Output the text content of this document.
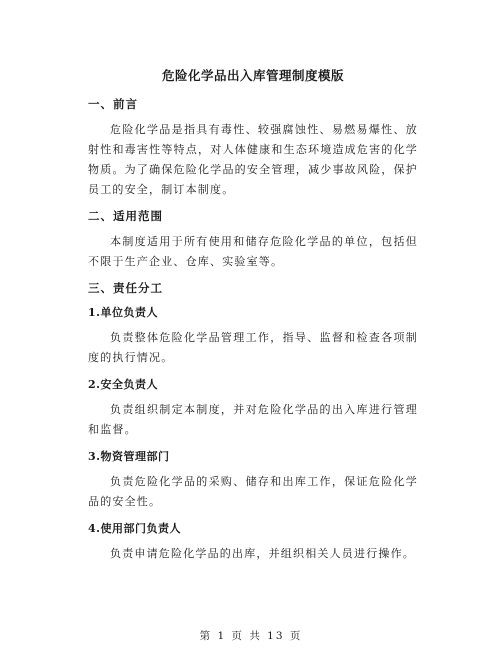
危险化学品出入库管理制度模版
一、前言

危险化学品是指具有毒性、较强腐蚀性、易燃易爆性、放射性和毒害性等特点，对人体健康和生态环境造成危害的化学物质。为了确保危险化学品的安全管理，减少事故风险，保护员工的安全，制订本制度。

二、适用范围

本制度适用于所有使用和储存危险化学品的单位，包括但不限于生产企业、仓库、实验室等。

三、责任分工
1.单位负责人

负责整体危险化学品管理工作，指导、监督和检查各项制度的执行情况。

2.安全负责人

负责组织制定本制度，并对危险化学品的出入库进行管理和监督。

3.物资管理部门

负责危险化学品的采购、储存和出库工作，保证危险化学品的安全性。

4.使用部门负责人

负责申请危险化学品的出库，并组织相关人员进行操作。

第 1 页 共 13 页
